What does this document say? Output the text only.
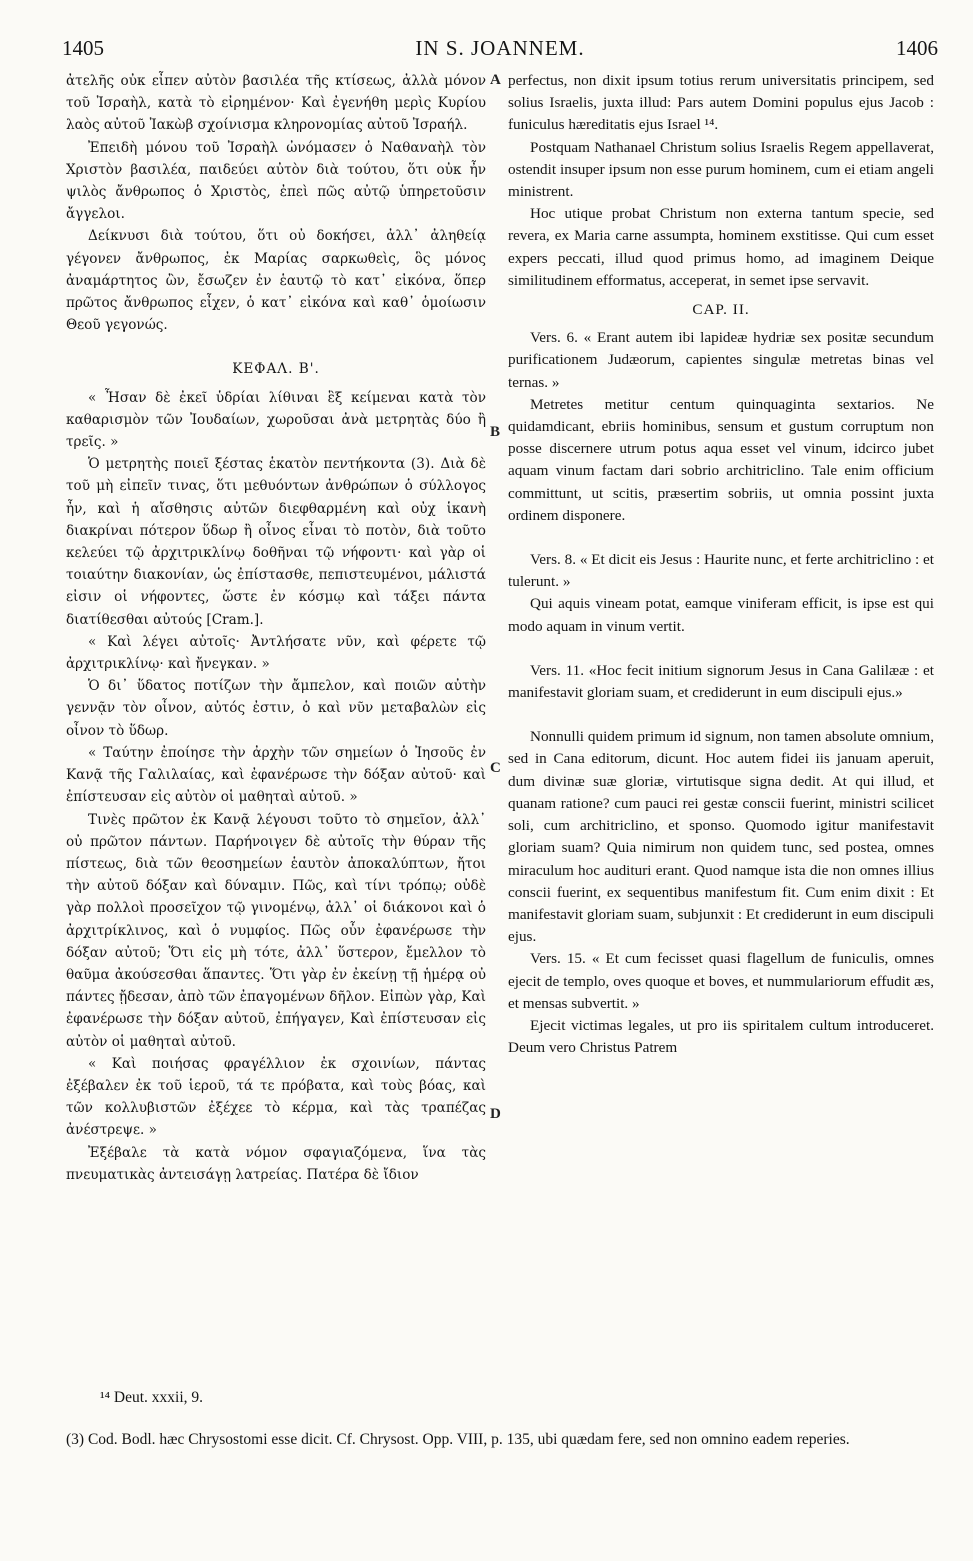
1405	IN S. JOANNEM.	1406

ἀτελῆς οὐκ εἶπεν αὐτὸν βασιλέα τῆς κτίσεως, ἀλλὰ μόνον τοῦ Ἰσραὴλ, κατὰ τὸ εἰρημένον· Καὶ ἐγενήθη μερὶς Κυρίου λαὸς αὐτοῦ Ἰακὼβ σχοίνισμα κληρονομίας αὐτοῦ Ἰσραήλ.

Ἐπειδὴ μόνου τοῦ Ἰσραὴλ ὠνόμασεν ὁ Ναθαναὴλ τὸν Χριστὸν βασιλέα, παιδεύει αὐτὸν διὰ τούτου, ὅτι οὐκ ἦν ψιλὸς ἄνθρωπος ὁ Χριστὸς, ἐπεὶ πῶς αὐτῷ ὑπηρετοῦσιν ἄγγελοι.

Δείκνυσι διὰ τούτου, ὅτι οὐ δοκήσει, ἀλλ᾽ ἀληθείᾳ γέγονεν ἄνθρωπος, ἐκ Μαρίας σαρκωθεὶς, ὃς μόνος ἀναμάρτητος ὢν, ἔσωζεν ἐν ἑαυτῷ τὸ κατ᾽ εἰκόνα, ὅπερ πρῶτος ἄνθρωπος εἶχεν, ὁ κατ᾽ εἰκόνα καὶ καθ᾽ ὁμοίωσιν Θεοῦ γεγονώς.

ΚΕΦΑΛ. Β'.

« Ἦσαν δὲ ἐκεῖ ὑδρίαι λίθιναι ἓξ κείμεναι κατὰ τὸν καθαρισμὸν τῶν Ἰουδαίων, χωροῦσαι ἀνὰ μετρητὰς δύο ἢ τρεῖς. »

Ὁ μετρητὴς ποιεῖ ξέστας ἑκατὸν πεντήκοντα (3). Διὰ δὲ τοῦ μὴ εἰπεῖν τινας, ὅτι μεθυόντων ἀνθρώπων ὁ σύλλογος ἦν, καὶ ἡ αἴσθησις αὐτῶν διεφθαρμένη καὶ οὐχ ἱκανὴ διακρίναι πότερον ὕδωρ ἢ οἶνος εἶναι τὸ ποτὸν, διὰ τοῦτο κελεύει τῷ ἀρχιτρικλίνῳ δοθῆναι τῷ νήφοντι· καὶ γὰρ οἱ τοιαύτην διακονίαν, ὡς ἐπίστασθε, πεπιστευμένοι, μάλιστά εἰσιν οἱ νήφοντες, ὥστε ἐν κόσμῳ καὶ τάξει πάντα διατίθεσθαι αὐτούς [Cram.].

« Καὶ λέγει αὐτοῖς· Ἀντλήσατε νῦν, καὶ φέρετε τῷ ἀρχιτρικλίνῳ· καὶ ἤνεγκαν. »

Ὁ δι᾽ ὕδατος ποτίζων τὴν ἄμπελον, καὶ ποιῶν αὐτὴν γεννᾷν τὸν οἶνον, αὐτός ἐστιν, ὁ καὶ νῦν μεταβαλὼν εἰς οἶνον τὸ ὕδωρ.

« Ταύτην ἐποίησε τὴν ἀρχὴν τῶν σημείων ὁ Ἰησοῦς ἐν Κανᾷ τῆς Γαλιλαίας, καὶ ἐφανέρωσε τὴν δόξαν αὐτοῦ· καὶ ἐπίστευσαν εἰς αὐτὸν οἱ μαθηταὶ αὐτοῦ. »

Τινὲς πρῶτον ἐκ Κανᾷ λέγουσι τοῦτο τὸ σημεῖον, ἀλλ᾽ οὐ πρῶτον πάντων. Παρήνοιγεν δὲ αὐτοῖς τὴν θύραν τῆς πίστεως, διὰ τῶν θεοσημείων ἑαυτὸν ἀποκαλύπτων, ἤτοι τὴν αὐτοῦ δόξαν καὶ δύναμιν. Πῶς, καὶ τίνι τρόπῳ; οὐδὲ γὰρ πολλοὶ προσεῖχον τῷ γινομένῳ, ἀλλ᾽ οἱ διάκονοι καὶ ὁ ἀρχιτρίκλινος, καὶ ὁ νυμφίος. Πῶς οὖν ἐφανέρωσε τὴν δόξαν αὐτοῦ; Ὅτι εἰς μὴ τότε, ἀλλ᾽ ὕστερον, ἔμελλον τὸ θαῦμα ἀκούσεσθαι ἅπαντες. Ὅτι γὰρ ἐν ἐκείνῃ τῇ ἡμέρᾳ οὐ πάντες ᾔδεσαν, ἀπὸ τῶν ἐπαγομένων δῆλον. Εἰπὼν γὰρ, Καὶ ἐφανέρωσε τὴν δόξαν αὐτοῦ, ἐπήγαγεν, Καὶ ἐπίστευσαν εἰς αὐτὸν οἱ μαθηταὶ αὐτοῦ.

« Καὶ ποιήσας φραγέλλιον ἐκ σχοινίων, πάντας ἐξέβαλεν ἐκ τοῦ ἱεροῦ, τά τε πρόβατα, καὶ τοὺς βόας, καὶ τῶν κολλυβιστῶν ἐξέχεε τὸ κέρμα, καὶ τὰς τραπέζας ἀνέστρεψε. »

Ἐξέβαλε τὰ κατὰ νόμον σφαγιαζόμενα, ἵνα τὰς πνευματικὰς ἀντεισάγῃ λατρείας. Πατέρα δὲ ἴδιον

A
B
C
D

perfectus, non dixit ipsum totius rerum universitatis principem, sed solius Israelis, juxta illud: Pars autem Domini populus ejus Jacob : funiculus hæreditatis ejus Israel ¹⁴.

Postquam Nathanael Christum solius Israelis Regem appellaverat, ostendit insuper ipsum non esse purum hominem, cum ei etiam angeli ministrent.

Hoc utique probat Christum non externa tantum specie, sed revera, ex Maria carne assumpta, hominem exstitisse. Qui cum esset expers peccati, illud quod primus homo, ad imaginem Deique similitudinem efformatus, acceperat, in semet ipse servavit.

CAP. II.

Vers. 6. « Erant autem ibi lapideæ hydriæ sex positæ secundum purificationem Judæorum, capientes singulæ metretas binas vel ternas. »

Metretes metitur centum quinquaginta sextarios. Ne quidamdicant, ebriis hominibus, sensum et gustum corruptum non posse discernere utrum potus aqua esset vel vinum, idcirco jubet aquam vinum factam dari sobrio architriclino. Tale enim officium committunt, ut scitis, præsertim sobriis, ut omnia possint juxta ordinem disponere.

Vers. 8. « Et dicit eis Jesus : Haurite nunc, et ferte architriclino : et tulerunt. »

Qui aquis vineam potat, eamque viniferam efficit, is ipse est qui modo aquam in vinum vertit.

Vers. 11. «Hoc fecit initium signorum Jesus in Cana Galilææ : et manifestavit gloriam suam, et crediderunt in eum discipuli ejus.»

Nonnulli quidem primum id signum, non tamen absolute omnium, sed in Cana editorum, dicunt. Hoc autem fidei iis januam aperuit, dum divinæ suæ gloriæ, virtutisque signa dedit. At qui illud, et quanam ratione? cum pauci rei gestæ conscii fuerint, ministri scilicet soli, cum architriclino, et sponso. Quomodo igitur manifestavit gloriam suam? Quia nimirum non quidem tunc, sed postea, omnes miraculum hoc audituri erant. Quod namque ista die non omnes illius conscii fuerint, ex sequentibus manifestum fit. Cum enim dixit : Et manifestavit gloriam suam, subjunxit : Et crediderunt in eum discipuli ejus.

Vers. 15. « Et cum fecisset quasi flagellum de funiculis, omnes ejecit de templo, oves quoque et boves, et nummulariorum effudit æs, et mensas subvertit. »

Ejecit victimas legales, ut pro iis spiritalem cultum introduceret. Deum vero Christus Patrem

¹⁴ Deut. xxxii, 9.
(3) Cod. Bodl. hæc Chrysostomi esse dicit. Cf. Chrysost. Opp. VIII, p. 135, ubi quædam fere, sed non omnino eadem reperies.
